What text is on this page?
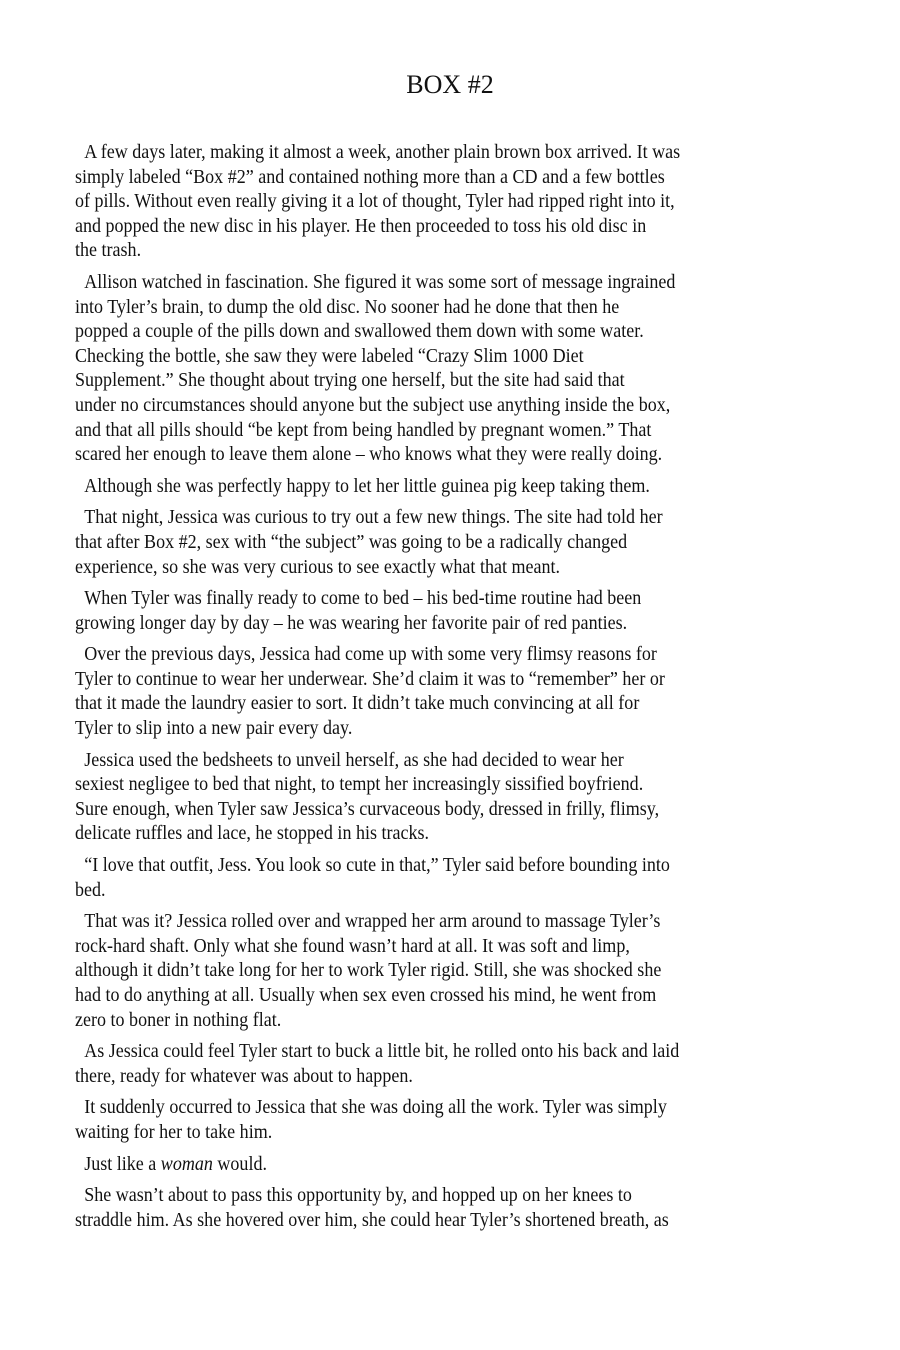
BOX #2

A few days later, making it almost a week, another plain brown box arrived. It was
simply labeled “Box #2” and contained nothing more than a CD and a few bottles
of pills. Without even really giving it a lot of thought, Tyler had ripped right into it,
and popped the new disc in his player. He then proceeded to toss his old disc in
the trash.

Allison watched in fascination. She figured it was some sort of message ingrained
into Tyler’s brain, to dump the old disc. No sooner had he done that then he
popped a couple of the pills down and swallowed them down with some water.
Checking the bottle, she saw they were labeled “Crazy Slim 1000 Diet
Supplement.” She thought about trying one herself, but the site had said that
under no circumstances should anyone but the subject use anything inside the box,
and that all pills should “be kept from being handled by pregnant women.” That
scared her enough to leave them alone – who knows what they were really doing.

Although she was perfectly happy to let her little guinea pig keep taking them.

That night, Jessica was curious to try out a few new things. The site had told her
that after Box #2, sex with “the subject” was going to be a radically changed
experience, so she was very curious to see exactly what that meant.

When Tyler was finally ready to come to bed – his bed-time routine had been
growing longer day by day – he was wearing her favorite pair of red panties.

Over the previous days, Jessica had come up with some very flimsy reasons for
Tyler to continue to wear her underwear. She’d claim it was to “remember” her or
that it made the laundry easier to sort. It didn’t take much convincing at all for
Tyler to slip into a new pair every day.

Jessica used the bedsheets to unveil herself, as she had decided to wear her
sexiest negligee to bed that night, to tempt her increasingly sissified boyfriend.
Sure enough, when Tyler saw Jessica’s curvaceous body, dressed in frilly, flimsy,
delicate ruffles and lace, he stopped in his tracks.

“I love that outfit, Jess. You look so cute in that,” Tyler said before bounding into
bed.

That was it? Jessica rolled over and wrapped her arm around to massage Tyler’s
rock-hard shaft. Only what she found wasn’t hard at all. It was soft and limp,
although it didn’t take long for her to work Tyler rigid. Still, she was shocked she
had to do anything at all. Usually when sex even crossed his mind, he went from
zero to boner in nothing flat.

As Jessica could feel Tyler start to buck a little bit, he rolled onto his back and laid
there, ready for whatever was about to happen.

It suddenly occurred to Jessica that she was doing all the work. Tyler was simply
waiting for her to take him.

Just like a woman would.

She wasn’t about to pass this opportunity by, and hopped up on her knees to
straddle him. As she hovered over him, she could hear Tyler’s shortened breath, as
